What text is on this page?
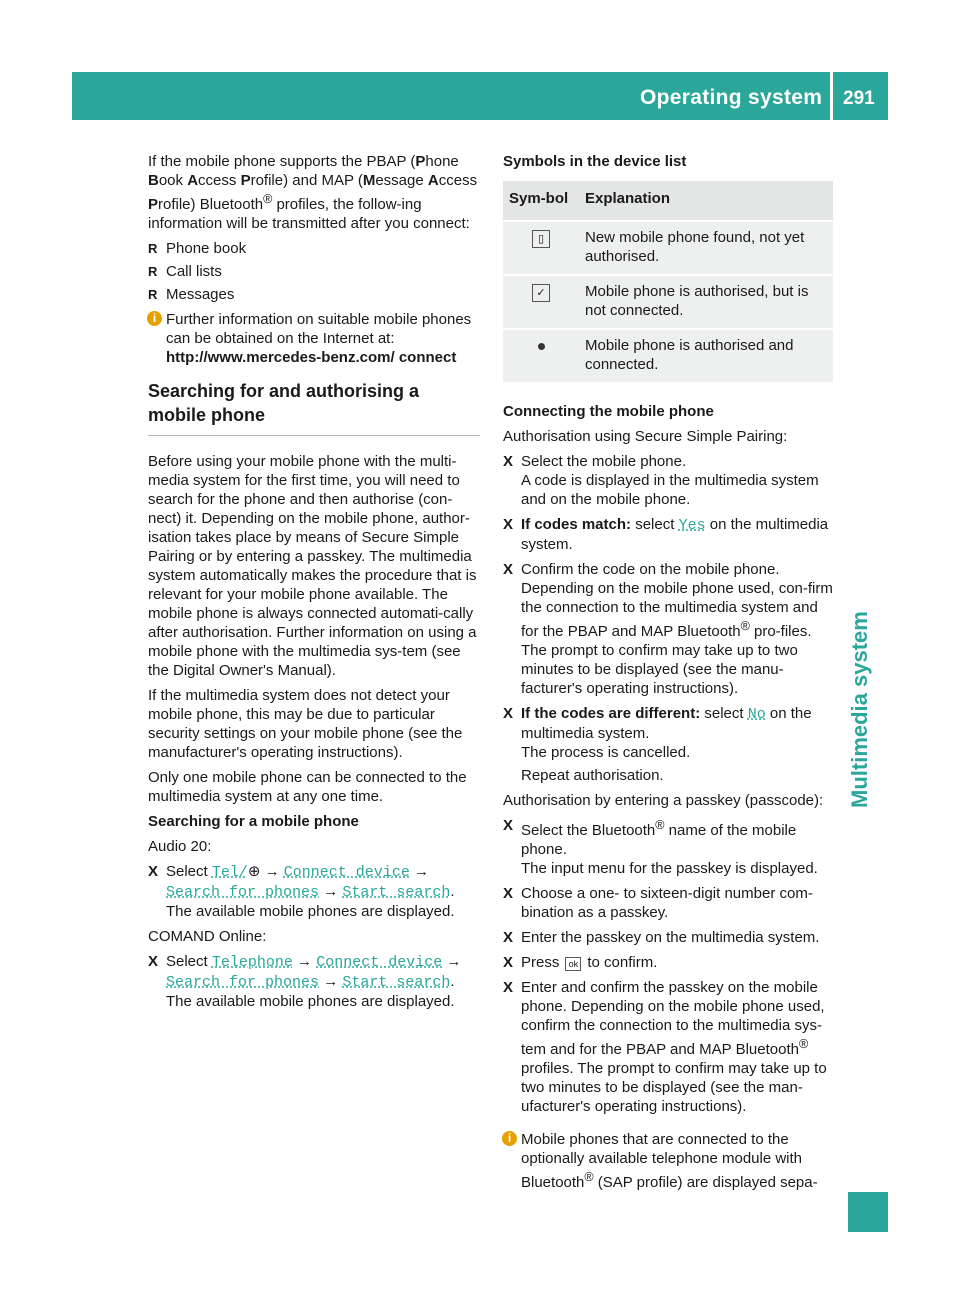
Operating system 291
Multimedia system

If the mobile phone supports the PBAP (Phone Book Access Profile) and MAP (Message Access Profile) Bluetooth® profiles, the follow-ing information will be transmitted after you connect:

R Phone book
R Call lists
R Messages
i Further information on suitable mobile phones can be obtained on the Internet at:
http://www.mercedes-benz.com/ connect
Searching for and authorising a mobile phone

Before using your mobile phone with the multi-media system for the first time, you will need to search for the phone and then authorise (con-nect) it. Depending on the mobile phone, author-isation takes place by means of Secure Simple Pairing or by entering a passkey. The multimedia system automatically makes the procedure that is relevant for your mobile phone available. The mobile phone is always connected automati-cally after authorisation. Further information on using a mobile phone with the multimedia sys-tem (see the Digital Owner's Manual).

If the multimedia system does not detect your mobile phone, this may be due to particular security settings on your mobile phone (see the manufacturer's operating instructions).

Only one mobile phone can be connected to the multimedia system at any one time.

Searching for a mobile phone

Audio 20:

X Select Tel/⊕ → Connect device → Search for phones → Start search.
The available mobile phones are displayed.

COMAND Online:

X Select Telephone → Connect device → Search for phones → Start search.
The available mobile phones are displayed.
Symbols in the device list
Sym-bol	Explanation
▯	New mobile phone found, not yet authorised.
✓	Mobile phone is authorised, but is not connected.
	Mobile phone is authorised and connected.
Connecting the mobile phone

Authorisation using Secure Simple Pairing:

X Select the mobile phone.
A code is displayed in the multimedia system and on the mobile phone.
X If codes match: select Yes on the multimedia system.
X Confirm the code on the mobile phone.
Depending on the mobile phone used, con-firm the connection to the multimedia system and for the PBAP and MAP Bluetooth® pro-files. The prompt to confirm may take up to two minutes to be displayed (see the manu-facturer's operating instructions).
X If the codes are different: select No on the multimedia system.
The process is cancelled.
Repeat authorisation.

Authorisation by entering a passkey (passcode):

X Select the Bluetooth® name of the mobile phone.
The input menu for the passkey is displayed.
X Choose a one- to sixteen-digit number com-bination as a passkey.
X Enter the passkey on the multimedia system.
X Press ok to confirm.
X Enter and confirm the passkey on the mobile phone. Depending on the mobile phone used, confirm the connection to the multimedia sys-tem and for the PBAP and MAP Bluetooth® profiles. The prompt to confirm may take up to two minutes to be displayed (see the man-ufacturer's operating instructions).
i Mobile phones that are connected to the optionally available telephone module with Bluetooth® (SAP profile) are displayed sepa-
